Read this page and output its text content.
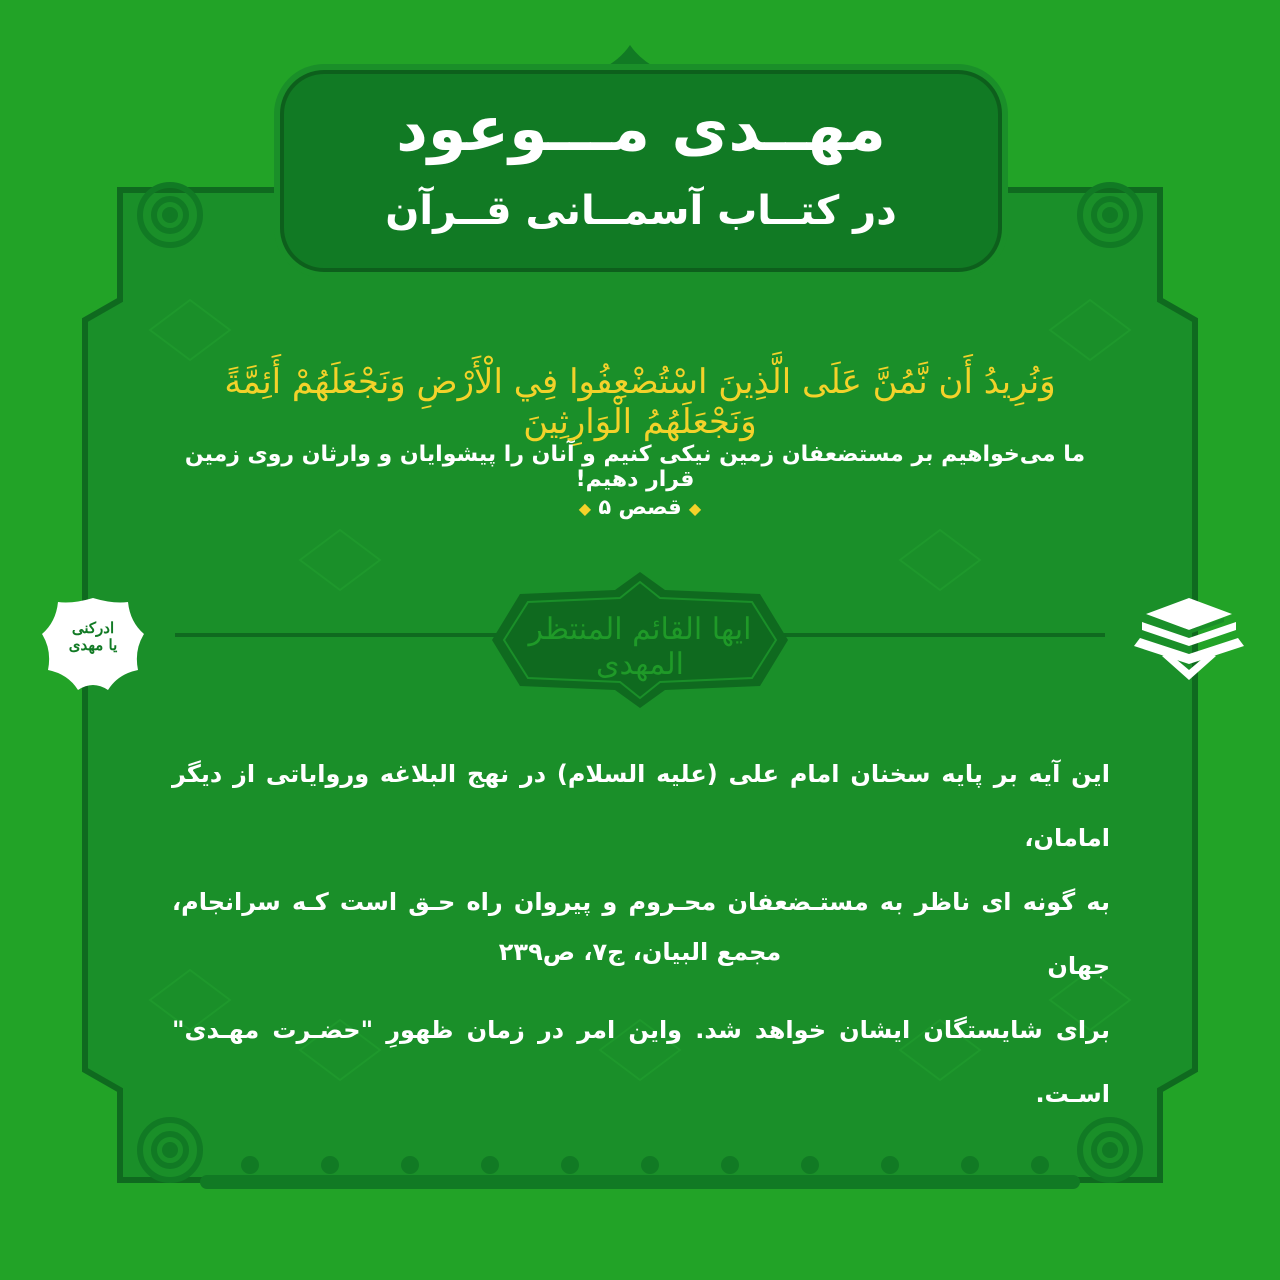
مهــدی مـــوعود
در کتــاب آسمــانی قــرآن
وَنُرِيدُ أَن نَّمُنَّ عَلَى الَّذِينَ اسْتُضْعِفُوا فِي الْأَرْضِ وَنَجْعَلَهُمْ أَئِمَّةً وَنَجْعَلَهُمُ الْوَارِثِينَ
ما می‌خواهیم بر مستضعفان زمین نیکی کنیم و آنان را پیشوایان و وارثان روی زمین قرار دهیم!
◆ قصص ۵ ◆
ایها القائم المنتظر المهدی
این آیه بر پایه سخنان امام علی (علیه السلام) در نهج البلاغه وروایاتی از دیگر امامان،
به گونه ای ناظر به مستـضعفان محـروم و پیروان راه حـق است کـه سرانجام، جهان
برای شایستگان ایشان خواهد شد. واین امر در زمان ظهورِ "حضـرت مهـدی" اسـت.
مجمع البیان، ج۷، ص۲۳۹
ادرکنی
یا مهدی
